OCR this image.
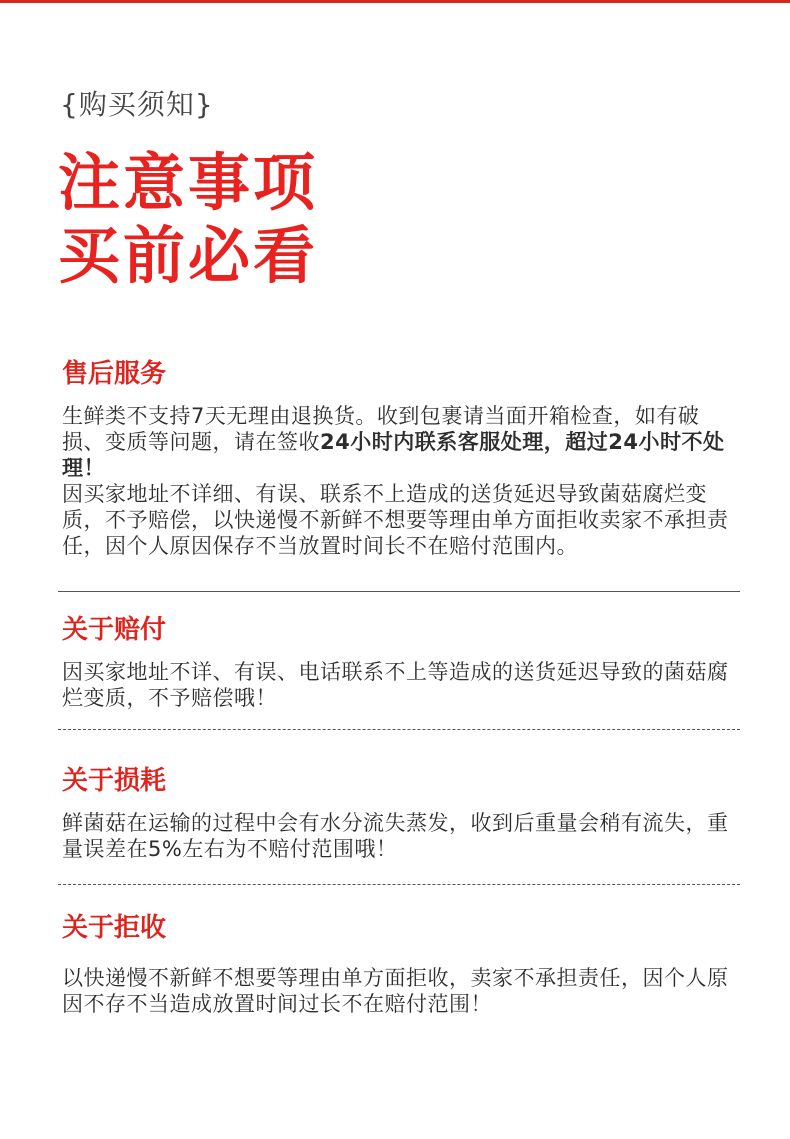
{购买须知}
注意事项
买前必看
售后服务

生鲜类不支持7天无理由退换货。收到包裹请当面开箱检查，如有破损、变质等问题，请在签收24小时内联系客服处理，超过24小时不处理！

因买家地址不详细、有误、联系不上造成的送货延迟导致菌菇腐烂变质，不予赔偿，以快递慢不新鲜不想要等理由单方面拒收卖家不承担责任，因个人原因保存不当放置时间长不在赔付范围内。

关于赔付
因买家地址不详、有误、电话联系不上等造成的送货延迟导致的菌菇腐烂变质，不予赔偿哦！
关于损耗
鲜菌菇在运输的过程中会有水分流失蒸发，收到后重量会稍有流失，重量误差在5%左右为不赔付范围哦！
关于拒收
以快递慢不新鲜不想要等理由单方面拒收，卖家不承担责任，因个人原因不存不当造成放置时间过长不在赔付范围！
